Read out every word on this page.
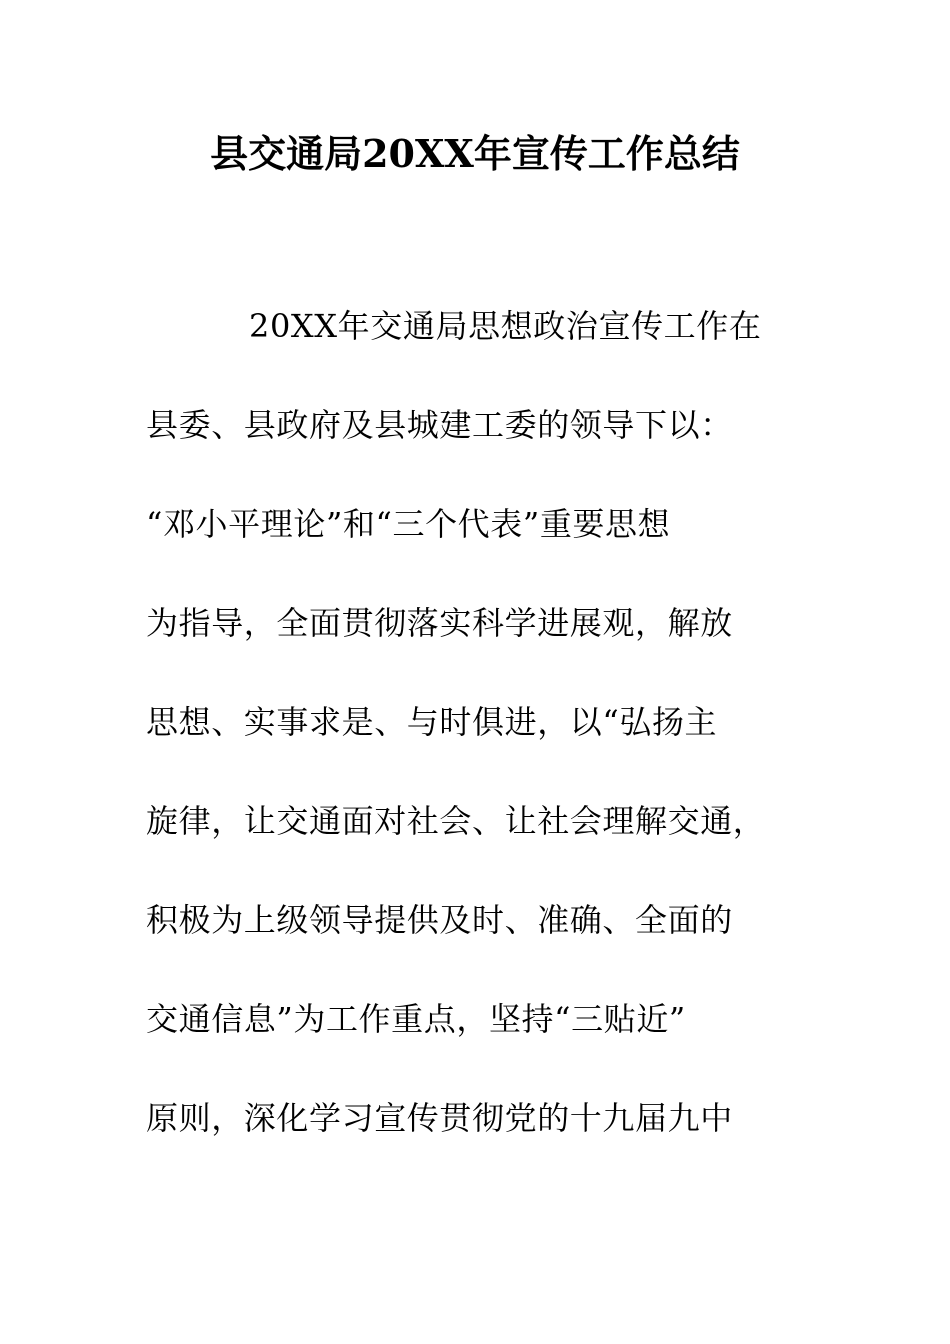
县交通局20XX年宣传工作总结
20XX年交通局思想政治宣传工作在
县委、县政府及县城建工委的领导下以：
“邓小平理论”和“三个代表”重要思想
为指导，全面贯彻落实科学进展观，解放
思想、实事求是、与时俱进，以“弘扬主
旋律，让交通面对社会、让社会理解交通，
积极为上级领导提供及时、准确、全面的
交通信息”为工作重点，坚持“三贴近”
原则，深化学习宣传贯彻党的十九届九中
